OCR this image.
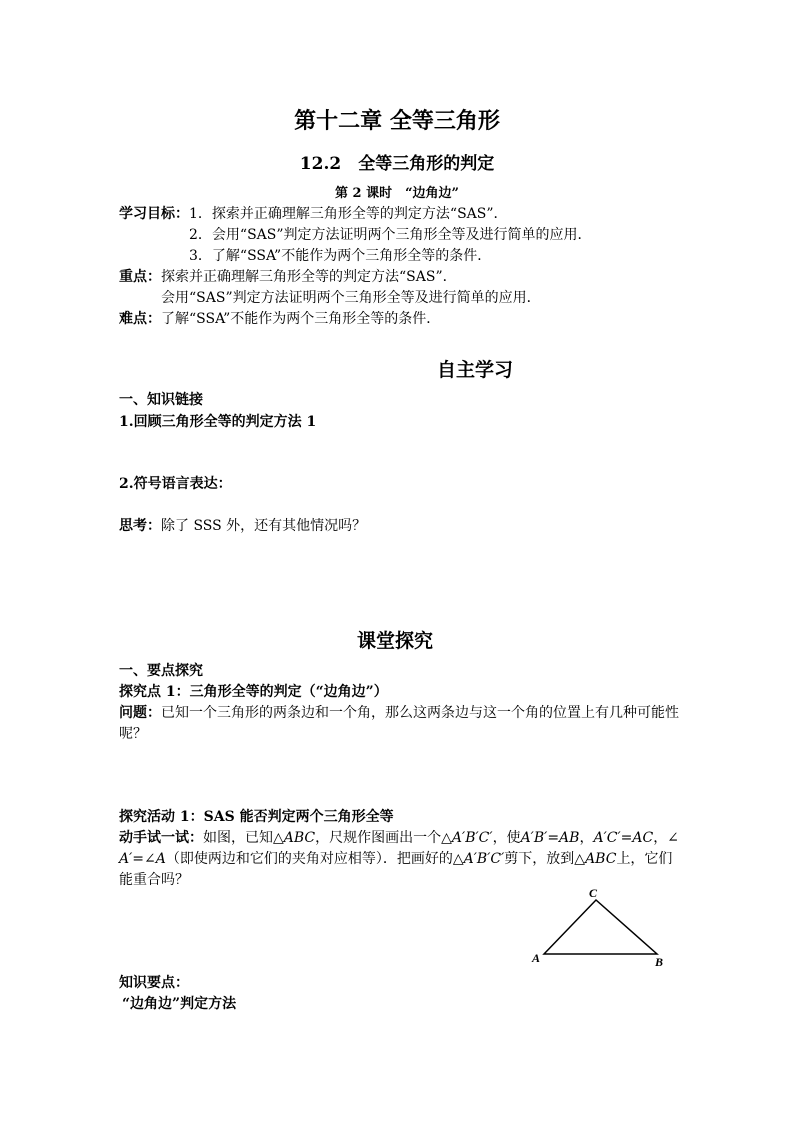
第十二章 全等三角形
12.2　全等三角形的判定
第 2 课时　“边角边”
学习目标：1．探索并正确理解三角形全等的判定方法“SAS”．
2．会用“SAS”判定方法证明两个三角形全等及进行简单的应用．
3．了解“SSA”不能作为两个三角形全等的条件．
重点：探索并正确理解三角形全等的判定方法“SAS”．
会用“SAS”判定方法证明两个三角形全等及进行简单的应用．
难点：了解“SSA”不能作为两个三角形全等的条件．
自主学习
一、知识链接
1.回顾三角形全等的判定方法 1
2.符号语言表达：
思考：除了 SSS 外，还有其他情况吗？
课堂探究
一、要点探究
探究点 1：三角形全等的判定（“边角边”）
问题：已知一个三角形的两条边和一个角，那么这两条边与这一个角的位置上有几种可能性
呢？
探究活动 1：SAS 能否判定两个三角形全等
动手试一试：如图，已知△ABC，尺规作图画出一个△A′B′C′，使A′B′=AB，A′C′=AC，∠
A′=∠A（即使两边和它们的夹角对应相等）．把画好的△A′B′C′剪下，放到△ABC上，它们
能重合吗？
A	B
C
知识要点：
“边角边”判定方法
